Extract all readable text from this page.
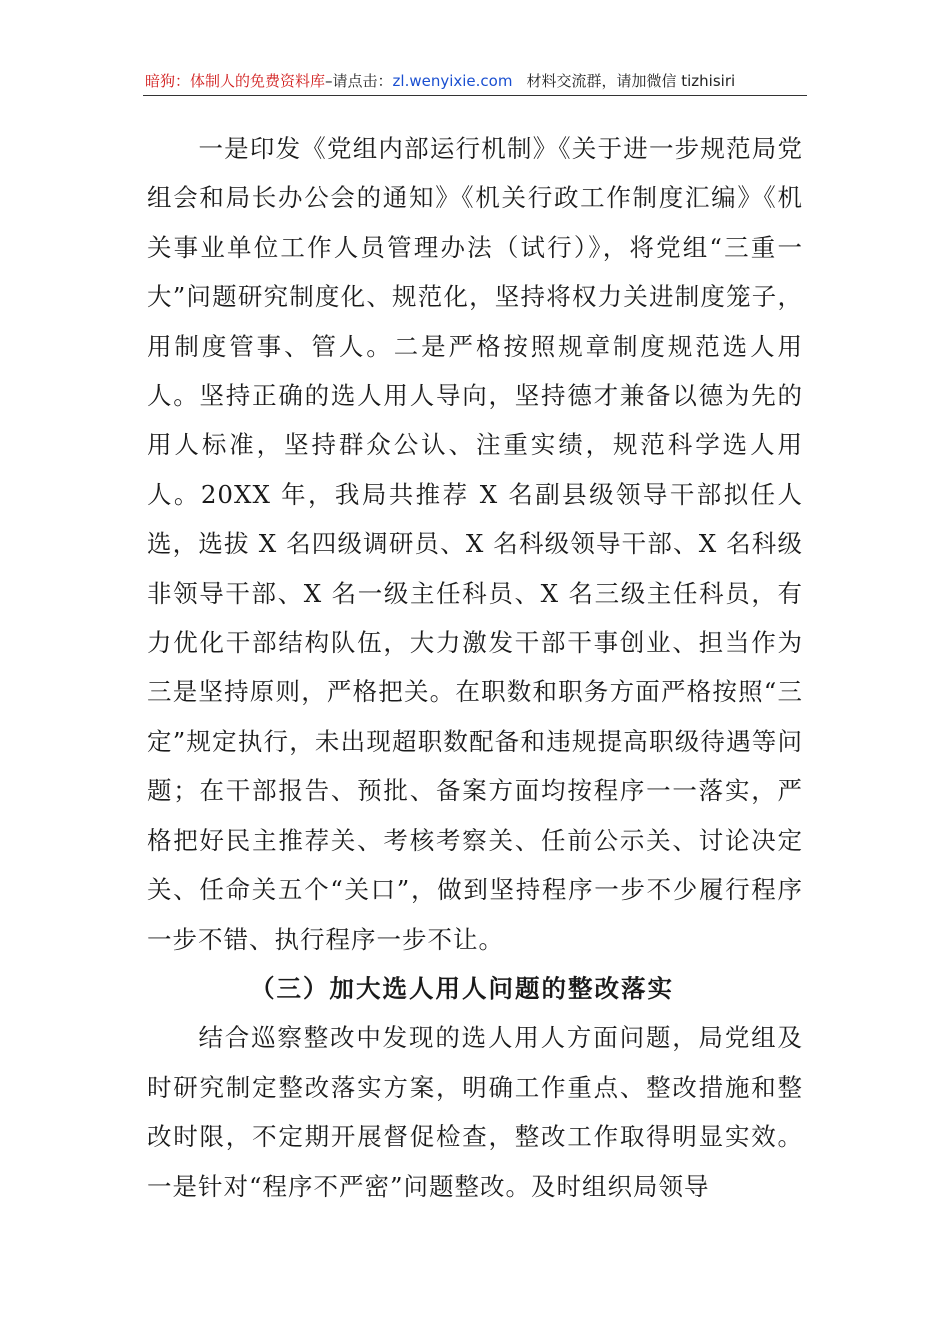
暗狗：体制人的免费资料库–请点击：zl.wenyixie.com 材料交流群，请加微信 tizhisiri

一是印发《党组内部运行机制》《关于进一步规范局党组会和局长办公会的通知》《机关行政工作制度汇编》《机关事业单位工作人员管理办法（试行）》，将党组“三重一大”问题研究制度化、规范化，坚持将权力关进制度笼子，用制度管事、管人。二是严格按照规章制度规范选人用人。坚持正确的选人用人导向，坚持德才兼备以德为先的用人标准，坚持群众公认、注重实绩，规范科学选人用人。20XX 年，我局共推荐 X 名副县级领导干部拟任人选，选拔 X 名四级调研员、X 名科级领导干部、X 名科级非领导干部、X 名一级主任科员、X 名三级主任科员，有力优化干部结构队伍，大力激发干部干事创业、担当作为三是坚持原则，严格把关。在职数和职务方面严格按照“三定”规定执行，未出现超职数配备和违规提高职级待遇等问题；在干部报告、预批、备案方面均按程序一一落实，严格把好民主推荐关、考核考察关、任前公示关、讨论决定关、任命关五个“关口”，做到坚持程序一步不少履行程序一步不错、执行程序一步不让。

（三）加大选人用人问题的整改落实

结合巡察整改中发现的选人用人方面问题，局党组及时研究制定整改落实方案，明确工作重点、整改措施和整改时限，不定期开展督促检查，整改工作取得明显实效。一是针对“程序不严密”问题整改。及时组织局领导
